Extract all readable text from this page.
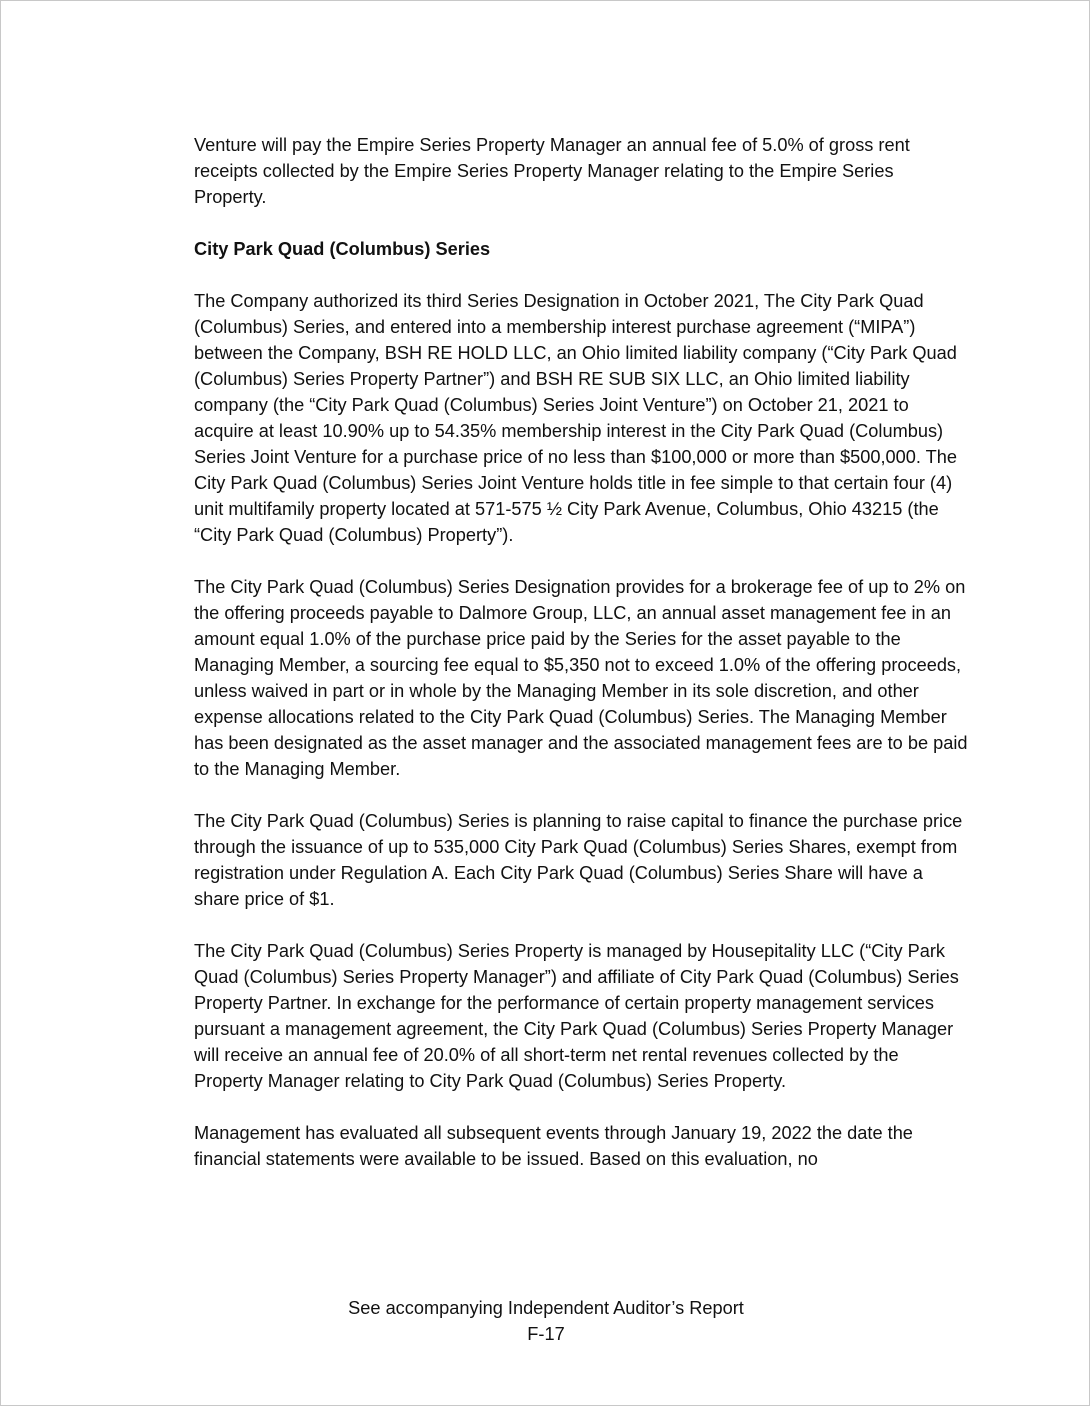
Venture will pay the Empire Series Property Manager an annual fee of 5.0% of gross rent receipts collected by the Empire Series Property Manager relating to the Empire Series Property.

City Park Quad (Columbus) Series

The Company authorized its third Series Designation in October 2021, The City Park Quad (Columbus) Series, and entered into a membership interest purchase agreement (“MIPA”) between the Company, BSH RE HOLD LLC, an Ohio limited liability company (“City Park Quad (Columbus) Series Property Partner”) and BSH RE SUB SIX LLC, an Ohio limited liability company (the “City Park Quad (Columbus) Series Joint Venture”) on October 21, 2021 to acquire at least 10.90% up to 54.35% membership interest in the City Park Quad (Columbus) Series Joint Venture for a purchase price of no less than $100,000 or more than $500,000. The City Park Quad (Columbus) Series Joint Venture holds title in fee simple to that certain four (4) unit multifamily property located at 571-575 ½ City Park Avenue, Columbus, Ohio 43215 (the “City Park Quad (Columbus) Property”).

The City Park Quad (Columbus) Series Designation provides for a brokerage fee of up to 2% on the offering proceeds payable to Dalmore Group, LLC, an annual asset management fee in an amount equal 1.0% of the purchase price paid by the Series for the asset payable to the Managing Member, a sourcing fee equal to $5,350 not to exceed 1.0% of the offering proceeds, unless waived in part or in whole by the Managing Member in its sole discretion, and other expense allocations related to the City Park Quad (Columbus) Series. The Managing Member has been designated as the asset manager and the associated management fees are to be paid to the Managing Member.

The City Park Quad (Columbus) Series is planning to raise capital to finance the purchase price through the issuance of up to 535,000 City Park Quad (Columbus) Series Shares, exempt from registration under Regulation A. Each City Park Quad (Columbus) Series Share will have a share price of $1.

The City Park Quad (Columbus) Series Property is managed by Housepitality LLC (“City Park Quad (Columbus) Series Property Manager”) and affiliate of City Park Quad (Columbus) Series Property Partner. In exchange for the performance of certain property management services pursuant a management agreement, the City Park Quad (Columbus) Series Property Manager will receive an annual fee of 20.0% of all short-term net rental revenues collected by the Property Manager relating to City Park Quad (Columbus) Series Property.

Management has evaluated all subsequent events through January 19, 2022 the date the financial statements were available to be issued. Based on this evaluation, no

See accompanying Independent Auditor’s Report
F-17
